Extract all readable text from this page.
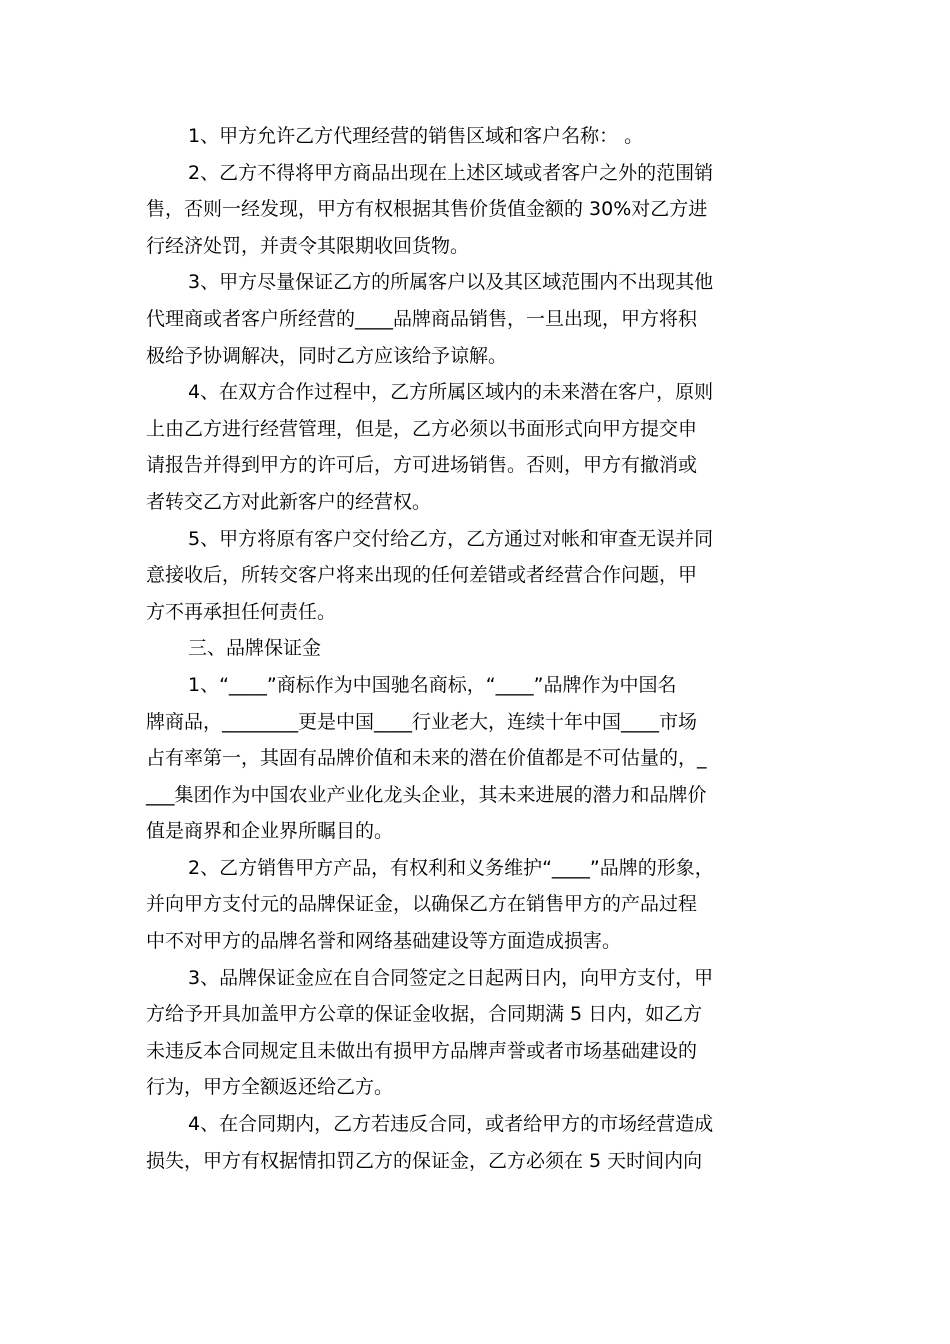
1、甲方允许乙方代理经营的销售区域和客户名称： 。

2、乙方不得将甲方商品出现在上述区域或者客户之外的范围销
售，否则一经发现，甲方有权根据其售价货值金额的 30%对乙方进
行经济处罚，并责令其限期收回货物。

3、甲方尽量保证乙方的所属客户以及其区域范围内不出现其他
代理商或者客户所经营的____品牌商品销售，一旦出现，甲方将积
极给予协调解决，同时乙方应该给予谅解。

4、在双方合作过程中，乙方所属区域内的未来潜在客户，原则
上由乙方进行经营管理，但是，乙方必须以书面形式向甲方提交申
请报告并得到甲方的许可后，方可进场销售。否则，甲方有撤消或
者转交乙方对此新客户的经营权。

5、甲方将原有客户交付给乙方，乙方通过对帐和审查无误并同
意接收后，所转交客户将来出现的任何差错或者经营合作问题，甲
方不再承担任何责任。

三、品牌保证金

1、“____”商标作为中国驰名商标，“____”品牌作为中国名
牌商品，________更是中国____行业老大，连续十年中国____市场
占有率第一，其固有品牌价值和未来的潜在价值都是不可估量的，_
___集团作为中国农业产业化龙头企业，其未来进展的潜力和品牌价
值是商界和企业界所瞩目的。

2、乙方销售甲方产品，有权利和义务维护“____”品牌的形象，
并向甲方支付元的品牌保证金，以确保乙方在销售甲方的产品过程
中不对甲方的品牌名誉和网络基础建设等方面造成损害。

3、品牌保证金应在自合同签定之日起两日内，向甲方支付，甲
方给予开具加盖甲方公章的保证金收据，合同期满 5 日内，如乙方
未违反本合同规定且未做出有损甲方品牌声誉或者市场基础建设的
行为，甲方全额返还给乙方。

4、在合同期内，乙方若违反合同，或者给甲方的市场经营造成
损失，甲方有权据情扣罚乙方的保证金，乙方必须在 5 天时间内向
